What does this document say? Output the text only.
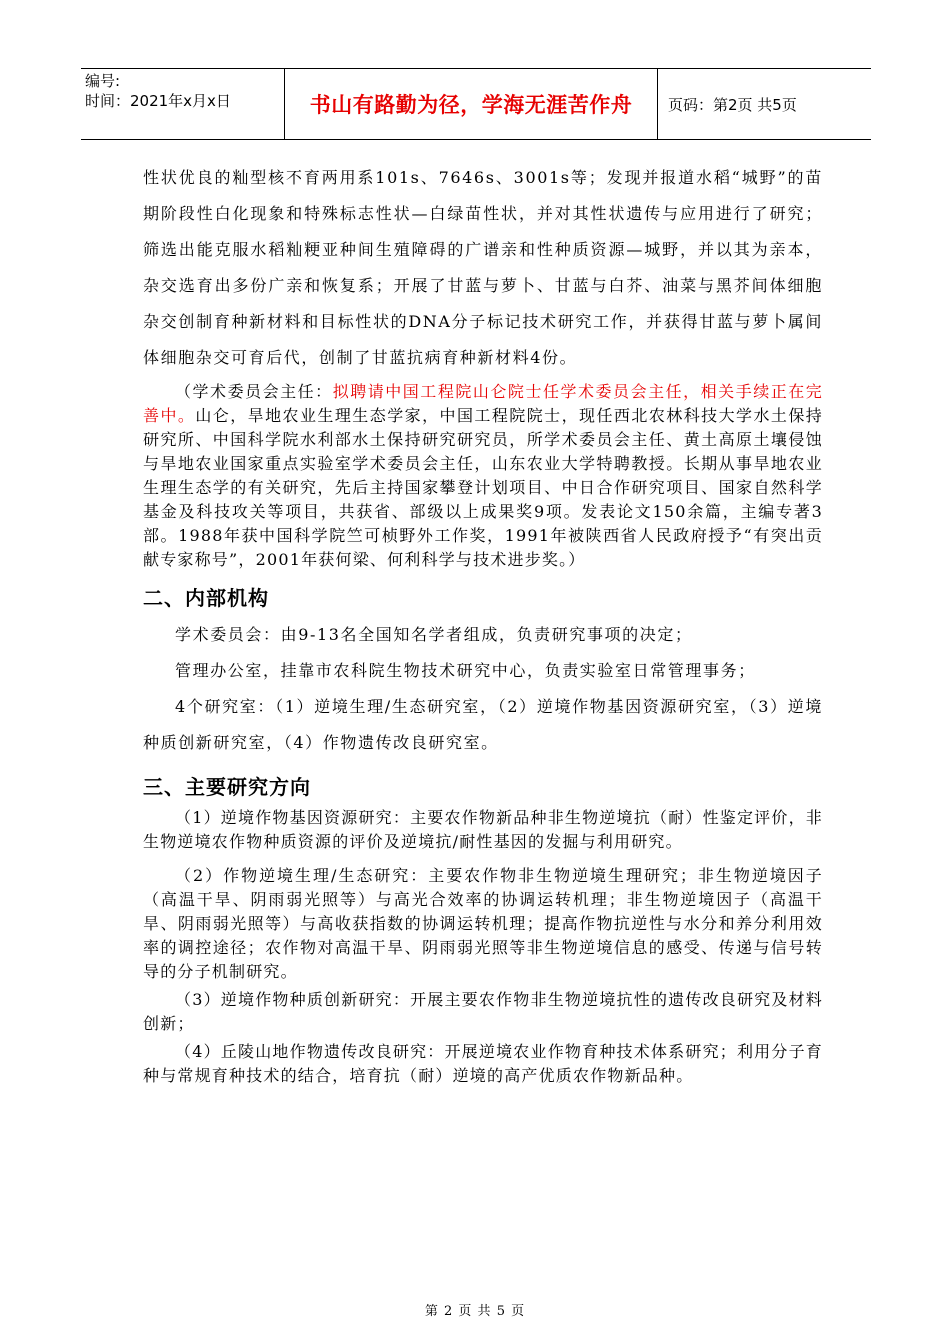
编号:
时间：2021年x月x日	书山有路勤为径，学海无涯苦作舟	页码：第2页 共5页

性状优良的籼型核不育两用系101s、7646s、3001s等；发现并报道水稻“城野”的苗期阶段性白化现象和特殊标志性状—白绿苗性状，并对其性状遗传与应用进行了研究；筛选出能克服水稻籼粳亚种间生殖障碍的广谱亲和性种质资源—城野，并以其为亲本，杂交选育出多份广亲和恢复系；开展了甘蓝与萝卜、甘蓝与白芥、油菜与黑芥间体细胞杂交创制育种新材料和目标性状的DNA分子标记技术研究工作，并获得甘蓝与萝卜属间体细胞杂交可育后代，创制了甘蓝抗病育种新材料4份。

（学术委员会主任：拟聘请中国工程院山仑院士任学术委员会主任，相关手续正在完善中。山仑，旱地农业生理生态学家，中国工程院院士，现任西北农林科技大学水土保持研究所、中国科学院水利部水土保持研究研究员，所学术委员会主任、黄土高原土壤侵蚀与旱地农业国家重点实验室学术委员会主任，山东农业大学特聘教授。长期从事旱地农业生理生态学的有关研究，先后主持国家攀登计划项目、中日合作研究项目、国家自然科学基金及科技攻关等项目，共获省、部级以上成果奖9项。发表论文150余篇，主编专著3部。1988年获中国科学院竺可桢野外工作奖，1991年被陕西省人民政府授予“有突出贡献专家称号”，2001年获何梁、何利科学与技术进步奖。）

二、内部机构

学术委员会：由9-13名全国知名学者组成，负责研究事项的决定；

管理办公室，挂靠市农科院生物技术研究中心，负责实验室日常管理事务；

4个研究室：（1）逆境生理/生态研究室，（2）逆境作物基因资源研究室，（3）逆境种质创新研究室，（4）作物遗传改良研究室。

三、主要研究方向

（1）逆境作物基因资源研究：主要农作物新品种非生物逆境抗（耐）性鉴定评价，非生物逆境农作物种质资源的评价及逆境抗/耐性基因的发掘与利用研究。

（2）作物逆境生理/生态研究：主要农作物非生物逆境生理研究；非生物逆境因子（高温干旱、阴雨弱光照等）与高光合效率的协调运转机理；非生物逆境因子（高温干旱、阴雨弱光照等）与高收获指数的协调运转机理；提高作物抗逆性与水分和养分利用效率的调控途径；农作物对高温干旱、阴雨弱光照等非生物逆境信息的感受、传递与信号转导的分子机制研究。

（3）逆境作物种质创新研究：开展主要农作物非生物逆境抗性的遗传改良研究及材料创新；

（4）丘陵山地作物遗传改良研究：开展逆境农业作物育种技术体系研究；利用分子育种与常规育种技术的结合，培育抗（耐）逆境的高产优质农作物新品种。

第 2 页 共 5 页
